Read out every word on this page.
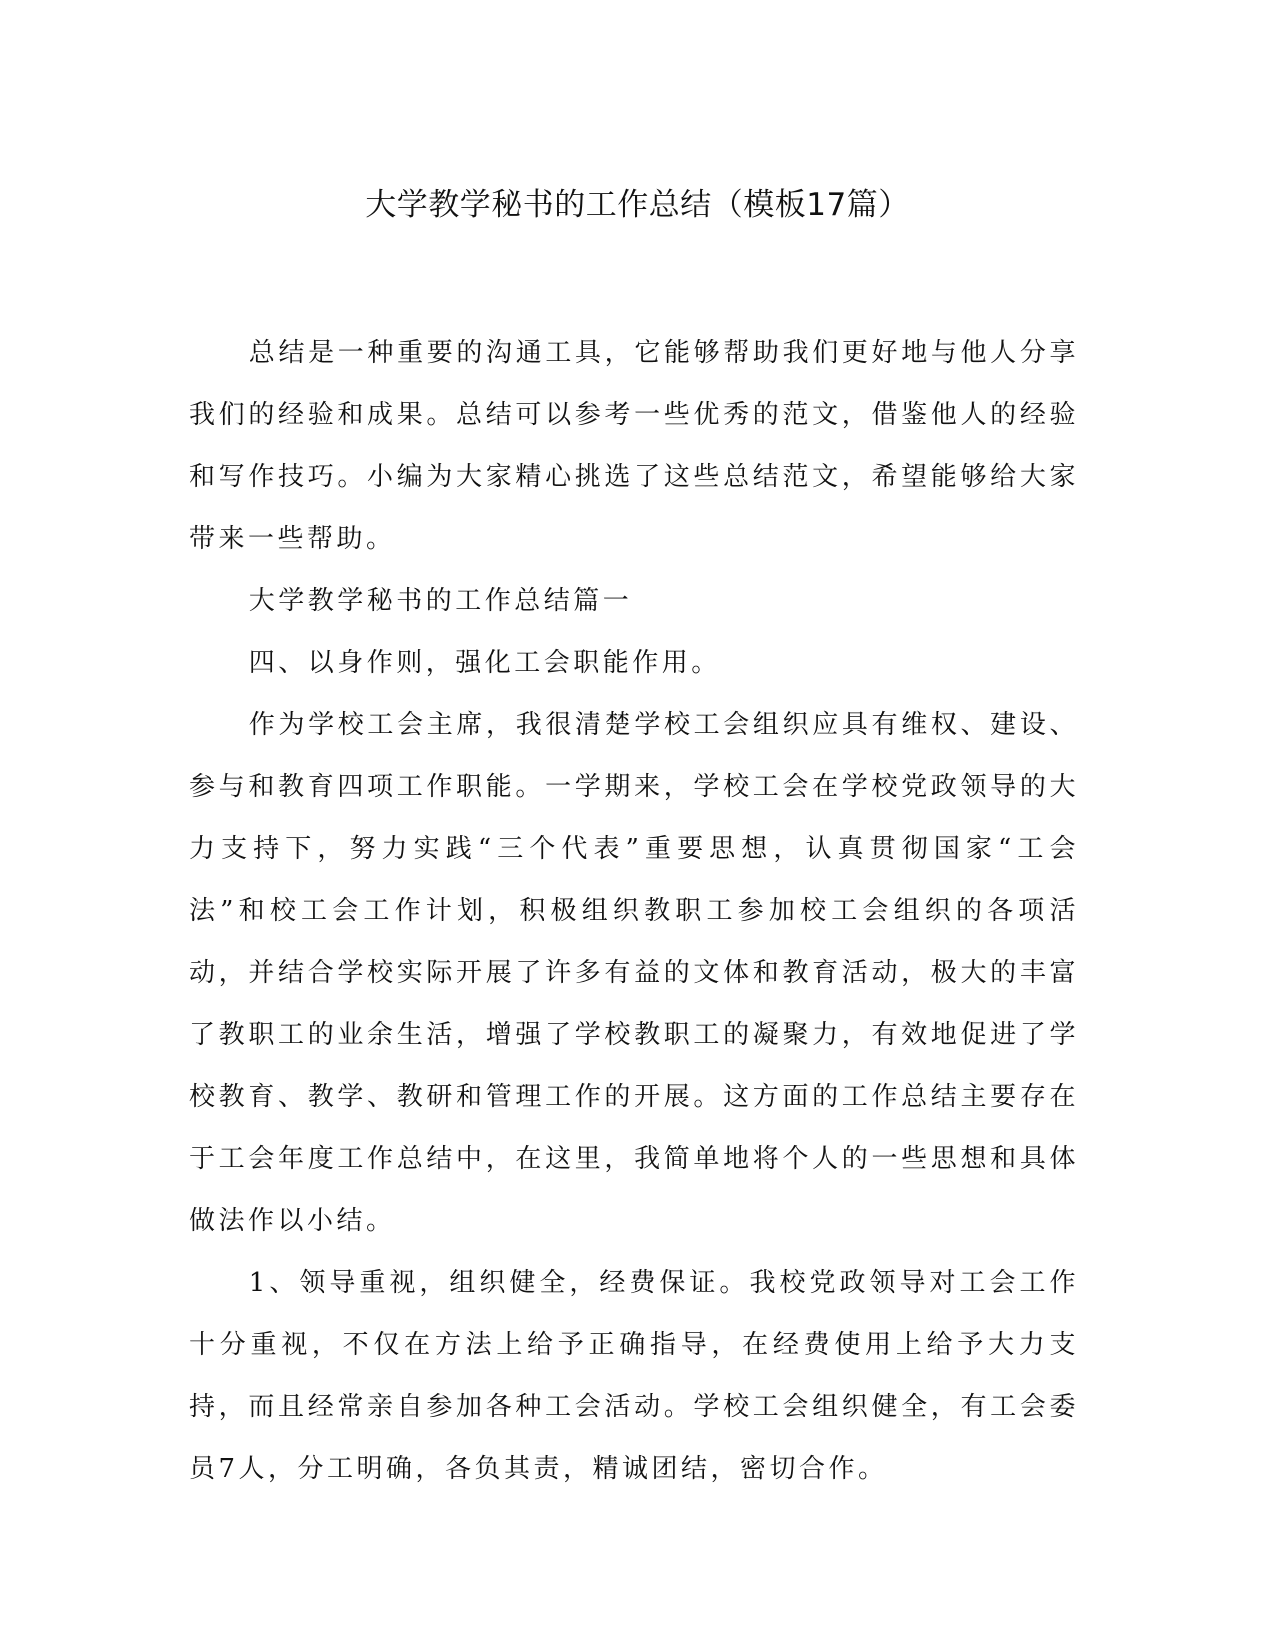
大学教学秘书的工作总结（模板17篇）

总结是一种重要的沟通工具，它能够帮助我们更好地与他人分享我们的经验和成果。总结可以参考一些优秀的范文，借鉴他人的经验和写作技巧。小编为大家精心挑选了这些总结范文，希望能够给大家带来一些帮助。

大学教学秘书的工作总结篇一

四、以身作则，强化工会职能作用。

作为学校工会主席，我很清楚学校工会组织应具有维权、建设、参与和教育四项工作职能。一学期来，学校工会在学校党政领导的大力支持下，努力实践“三个代表”重要思想，认真贯彻国家“工会法”和校工会工作计划，积极组织教职工参加校工会组织的各项活动，并结合学校实际开展了许多有益的文体和教育活动，极大的丰富了教职工的业余生活，增强了学校教职工的凝聚力，有效地促进了学校教育、教学、教研和管理工作的开展。这方面的工作总结主要存在于工会年度工作总结中，在这里，我简单地将个人的一些思想和具体做法作以小结。

1、领导重视，组织健全，经费保证。我校党政领导对工会工作十分重视，不仅在方法上给予正确指导，在经费使用上给予大力支持，而且经常亲自参加各种工会活动。学校工会组织健全，有工会委员7人，分工明确，各负其责，精诚团结，密切合作。
